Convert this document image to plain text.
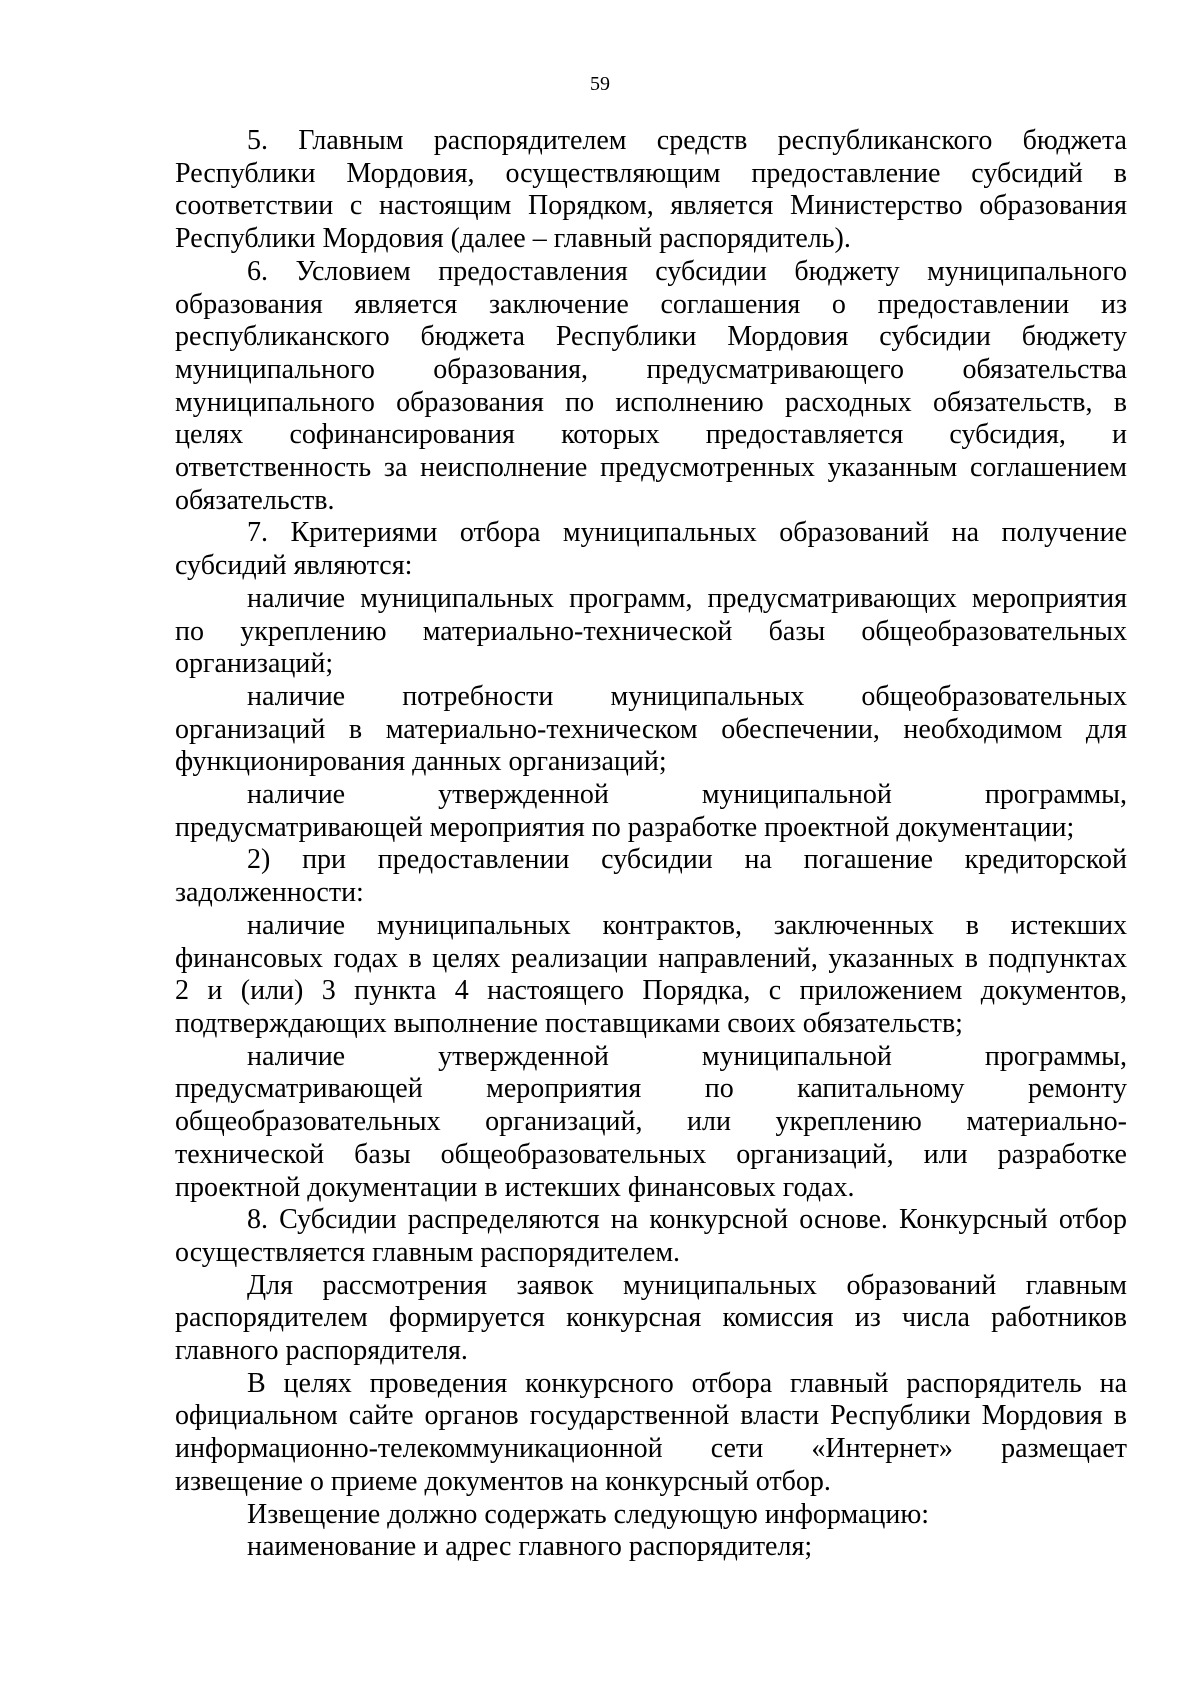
59
5. Главным распорядителем средств республиканского бюджета
Республики Мордовия, осуществляющим предоставление субсидий в
соответствии с настоящим Порядком, является Министерство образования
Республики Мордовия (далее – главный распорядитель).
6. Условием предоставления субсидии бюджету муниципального
образования является заключение соглашения о предоставлении из
республиканского бюджета Республики Мордовия субсидии бюджету
муниципального образования, предусматривающего обязательства
муниципального образования по исполнению расходных обязательств, в
целях софинансирования которых предоставляется субсидия, и
ответственность за неисполнение предусмотренных указанным соглашением
обязательств.
7. Критериями отбора муниципальных образований на получение
субсидий являются:
наличие муниципальных программ, предусматривающих мероприятия
по укреплению материально-технической базы общеобразовательных
организаций;
наличие потребности муниципальных общеобразовательных
организаций в материально-техническом обеспечении, необходимом для
функционирования данных организаций;
наличие утвержденной муниципальной программы,
предусматривающей мероприятия по разработке проектной документации;
2) при предоставлении субсидии на погашение кредиторской
задолженности:
наличие муниципальных контрактов, заключенных в истекших
финансовых годах в целях реализации направлений, указанных в подпунктах
2 и (или) 3 пункта 4 настоящего Порядка, с приложением документов,
подтверждающих выполнение поставщиками своих обязательств;
наличие утвержденной муниципальной программы,
предусматривающей мероприятия по капитальному ремонту
общеобразовательных организаций, или укреплению материально-
технической базы общеобразовательных организаций, или разработке
проектной документации в истекших финансовых годах.
8. Субсидии распределяются на конкурсной основе. Конкурсный отбор
осуществляется главным распорядителем.
Для рассмотрения заявок муниципальных образований главным
распорядителем формируется конкурсная комиссия из числа работников
главного распорядителя.
В целях проведения конкурсного отбора главный распорядитель на
официальном сайте органов государственной власти Республики Мордовия в
информационно-телекоммуникационной сети «Интернет» размещает
извещение о приеме документов на конкурсный отбор.
Извещение должно содержать следующую информацию:
наименование и адрес главного распорядителя;
